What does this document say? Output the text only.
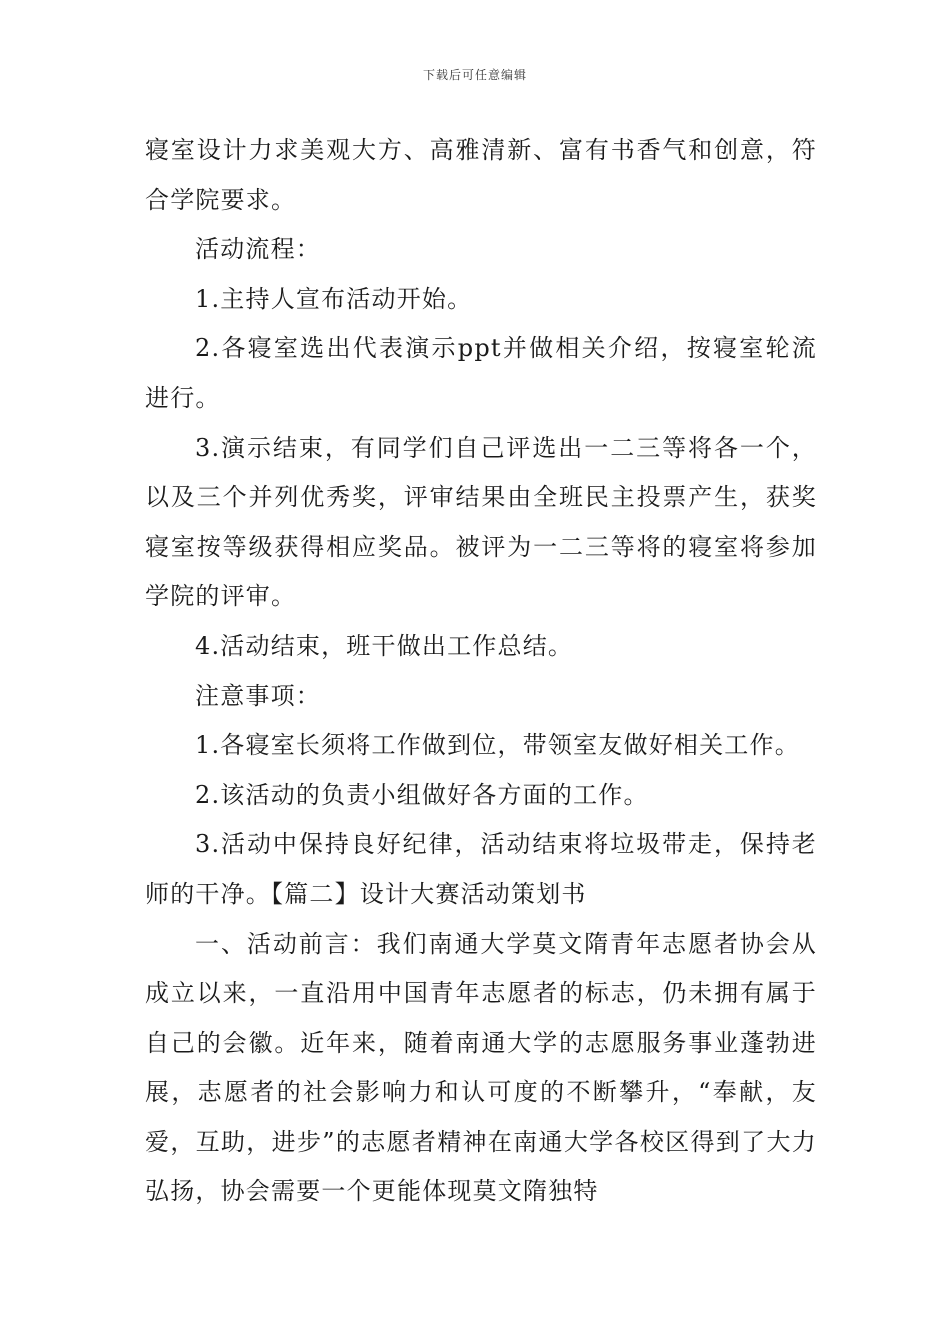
下载后可任意编辑

寝室设计力求美观大方、高雅清新、富有书香气和创意，符合学院要求。

活动流程：

1.主持人宣布活动开始。

2.各寝室选出代表演示ppt并做相关介绍，按寝室轮流进行。

3.演示结束，有同学们自己评选出一二三等将各一个，以及三个并列优秀奖，评审结果由全班民主投票产生，获奖寝室按等级获得相应奖品。被评为一二三等将的寝室将参加学院的评审。

4.活动结束，班干做出工作总结。

注意事项：

1.各寝室长须将工作做到位，带领室友做好相关工作。

2.该活动的负责小组做好各方面的工作。

3.活动中保持良好纪律，活动结束将垃圾带走，保持老师的干净。【篇二】设计大赛活动策划书

一、活动前言：我们南通大学莫文隋青年志愿者协会从成立以来，一直沿用中国青年志愿者的标志，仍未拥有属于自己的会徽。近年来，随着南通大学的志愿服务事业蓬勃进展，志愿者的社会影响力和认可度的不断攀升，“奉献，友爱，互助，进步”的志愿者精神在南通大学各校区得到了大力弘扬，协会需要一个更能体现莫文隋独特
